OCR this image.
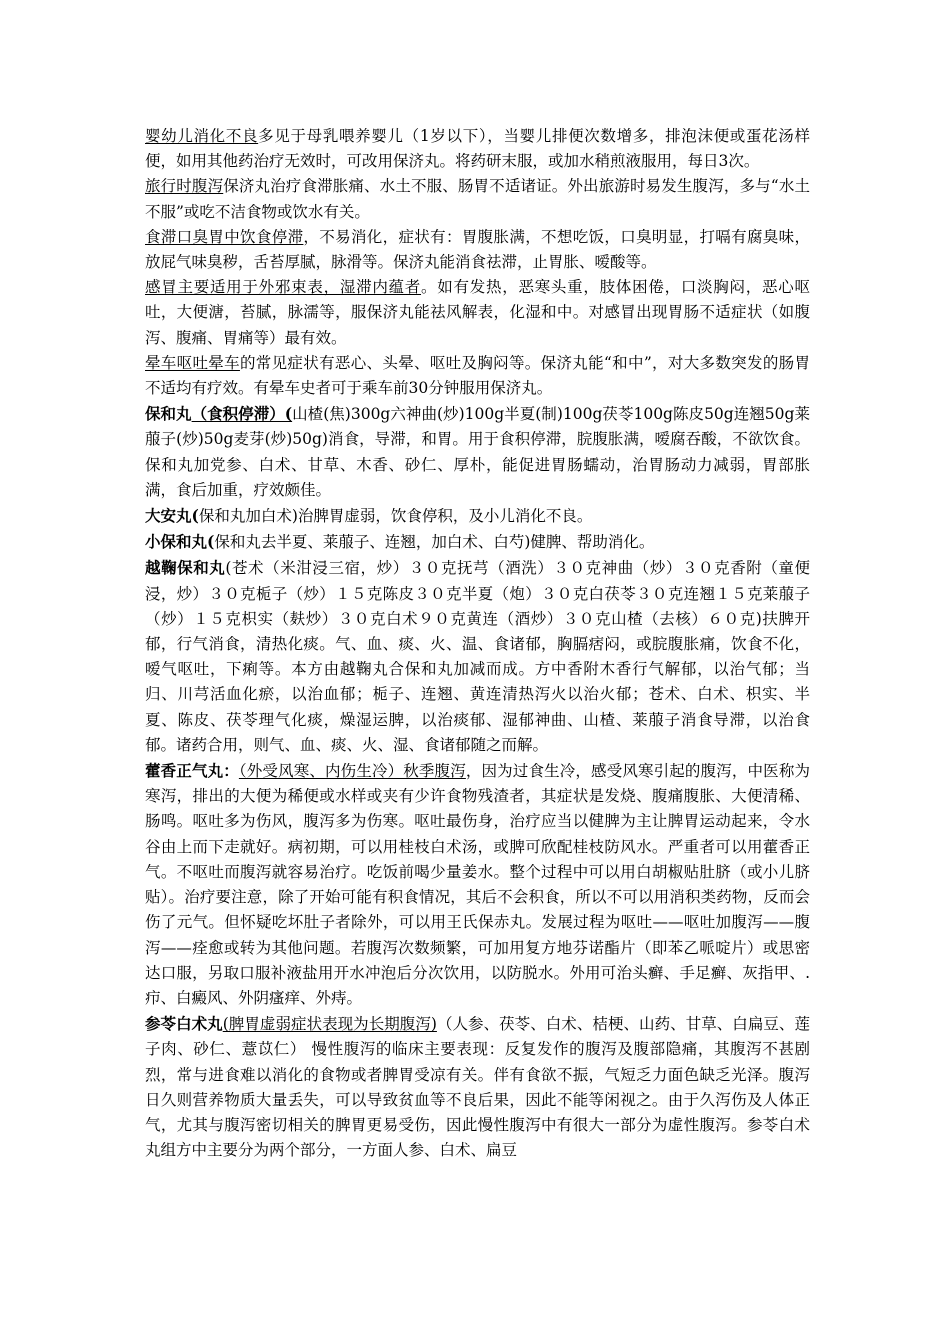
婴幼儿消化不良多见于母乳喂养婴儿（1岁以下），当婴儿排便次数增多，排泡沫便或蛋花汤样便，如用其他药治疗无效时，可改用保济丸。将药研末服，或加水稍煎液服用，每日3次。

旅行时腹泻保济丸治疗食滞胀痛、水土不服、肠胃不适诸证。外出旅游时易发生腹泻，多与“水土不服”或吃不洁食物或饮水有关。

食滞口臭胃中饮食停滞，不易消化，症状有：胃腹胀满，不想吃饭，口臭明显，打嗝有腐臭味，放屁气味臭秽，舌苔厚腻，脉滑等。保济丸能消食祛滞，止胃胀、嗳酸等。

感冒主要适用于外邪束表，湿滞内蕴者。如有发热，恶寒头重，肢体困倦，口淡胸闷，恶心呕吐，大便溏，苔腻，脉濡等，服保济丸能祛风解表，化湿和中。对感冒出现胃肠不适症状（如腹泻、腹痛、胃痛等）最有效。

晕车呕吐晕车的常见症状有恶心、头晕、呕吐及胸闷等。保济丸能“和中”，对大多数突发的肠胃不适均有疗效。有晕车史者可于乘车前30分钟服用保济丸。

保和丸（食积停滞）(山楂(焦)300g六神曲(炒)100g半夏(制)100g茯苓100g陈皮50g连翘50g莱菔子(炒)50g麦芽(炒)50g)消食，导滞，和胃。用于食积停滞，脘腹胀满，嗳腐吞酸，不欲饮食。保和丸加党参、白术、甘草、木香、砂仁、厚朴，能促进胃肠蠕动，治胃肠动力减弱，胃部胀满，食后加重，疗效颇佳。

大安丸(保和丸加白术)治脾胃虚弱，饮食停积，及小儿消化不良。

小保和丸(保和丸去半夏、莱菔子、连翘，加白术、白芍)健脾、帮助消化。

越鞠保和丸(苍术（米泔浸三宿，炒）３０克抚芎（酒洗）３０克神曲（炒）３０克香附（童便浸，炒）３０克栀子（炒）１５克陈皮３０克半夏（炮）３０克白茯苓３０克连翘１５克莱菔子（炒）１５克枳实（麸炒）３０克白术９０克黄连（酒炒）３０克山楂（去核）６０克)扶脾开郁，行气消食，清热化痰。气、血、痰、火、温、食诸郁，胸膈痞闷，或脘腹胀痛，饮食不化，嗳气呕吐，下痢等。本方由越鞠丸合保和丸加减而成。方中香附木香行气解郁，以治气郁；当归、川芎活血化瘀，以治血郁；栀子、连翘、黄连清热泻火以治火郁；苍术、白术、枳实、半夏、陈皮、茯苓理气化痰，燥湿运脾，以治痰郁、湿郁神曲、山楂、莱菔子消食导滞，以治食郁。诸药合用，则气、血、痰、火、湿、食诸郁随之而解。

藿香正气丸：（外受风寒、内伤生冷）秋季腹泻，因为过食生冷，感受风寒引起的腹泻，中医称为寒泻，排出的大便为稀便或水样或夹有少许食物残渣者，其症状是发烧、腹痛腹胀、大便清稀、肠鸣。呕吐多为伤风，腹泻多为伤寒。呕吐最伤身，治疗应当以健脾为主让脾胃运动起来，令水谷由上而下走就好。病初期，可以用桂枝白术汤，或脾可欣配桂枝防风水。严重者可以用藿香正气。不呕吐而腹泻就容易治疗。吃饭前喝少量姜水。整个过程中可以用白胡椒贴肚脐（或小儿脐贴）。治疗要注意，除了开始可能有积食情况，其后不会积食，所以不可以用消积类药物，反而会伤了元气。但怀疑吃坏肚子者除外，可以用王氏保赤丸。发展过程为呕吐——呕吐加腹泻——腹泻——痊愈或转为其他问题。若腹泻次数频繁，可加用复方地芬诺酯片（即苯乙哌啶片）或思密达口服，另取口服补液盐用开水冲泡后分次饮用，以防脱水。外用可治头癣、手足癣、灰指甲、.疖、白癜风、外阴瘙痒、外痔。

参苓白术丸(脾胃虚弱症状表现为长期腹泻)（人参、茯苓、白术、桔梗、山药、甘草、白扁豆、莲子肉、砂仁、薏苡仁） 慢性腹泻的临床主要表现：反复发作的腹泻及腹部隐痛，其腹泻不甚剧烈，常与进食难以消化的食物或者脾胃受凉有关。伴有食欲不振，气短乏力面色缺乏光泽。腹泻日久则营养物质大量丢失，可以导致贫血等不良后果，因此不能等闲视之。由于久泻伤及人体正气，尤其与腹泻密切相关的脾胃更易受伤，因此慢性腹泻中有很大一部分为虚性腹泻。参苓白术丸组方中主要分为两个部分，一方面人参、白术、扁豆
